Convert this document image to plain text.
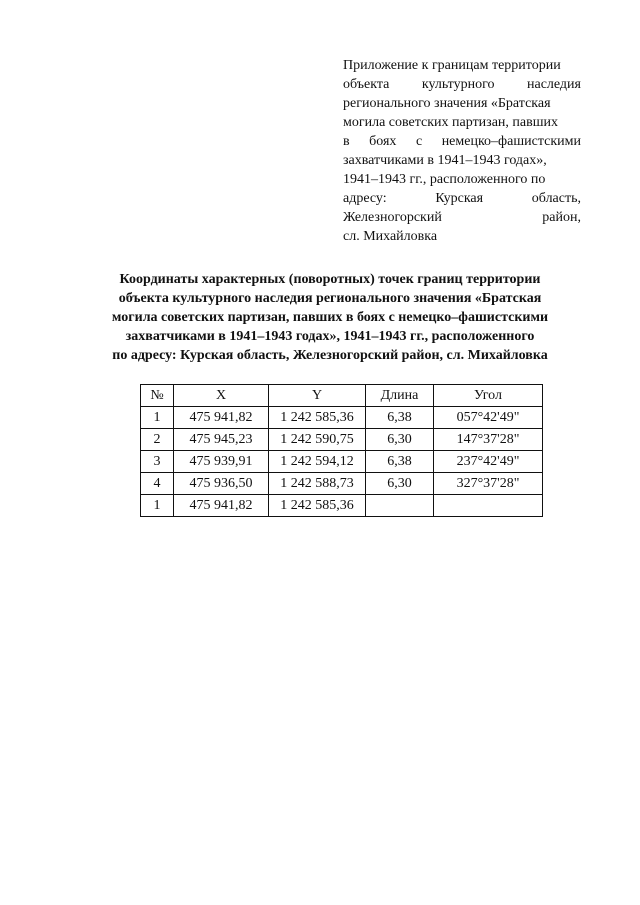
Приложение к границам территории
объекта культурного наследия
регионального значения «Братская
могила советских партизан, павших
в боях с немецко–фашистскими
захватчиками в 1941–1943 годах»,
1941–1943 гг., расположенного по
адресу:	Курская	область,
Железногорский	район,
сл. Михайловка
Координаты характерных (поворотных) точек границ территории
объекта культурного наследия регионального значения «Братская
могила советских партизан, павших в боях с немецко–фашистскими
захватчиками в 1941–1943 годах», 1941–1943 гг., расположенного
по адресу: Курская область, Железногорский район, сл. Михайловка
№	X	Y	Длина	Угол
1	475 941,82	1 242 585,36	6,38	057°42'49"
2	475 945,23	1 242 590,75	6,30	147°37'28"
3	475 939,91	1 242 594,12	6,38	237°42'49"
4	475 936,50	1 242 588,73	6,30	327°37'28"
1	475 941,82	1 242 585,36		
